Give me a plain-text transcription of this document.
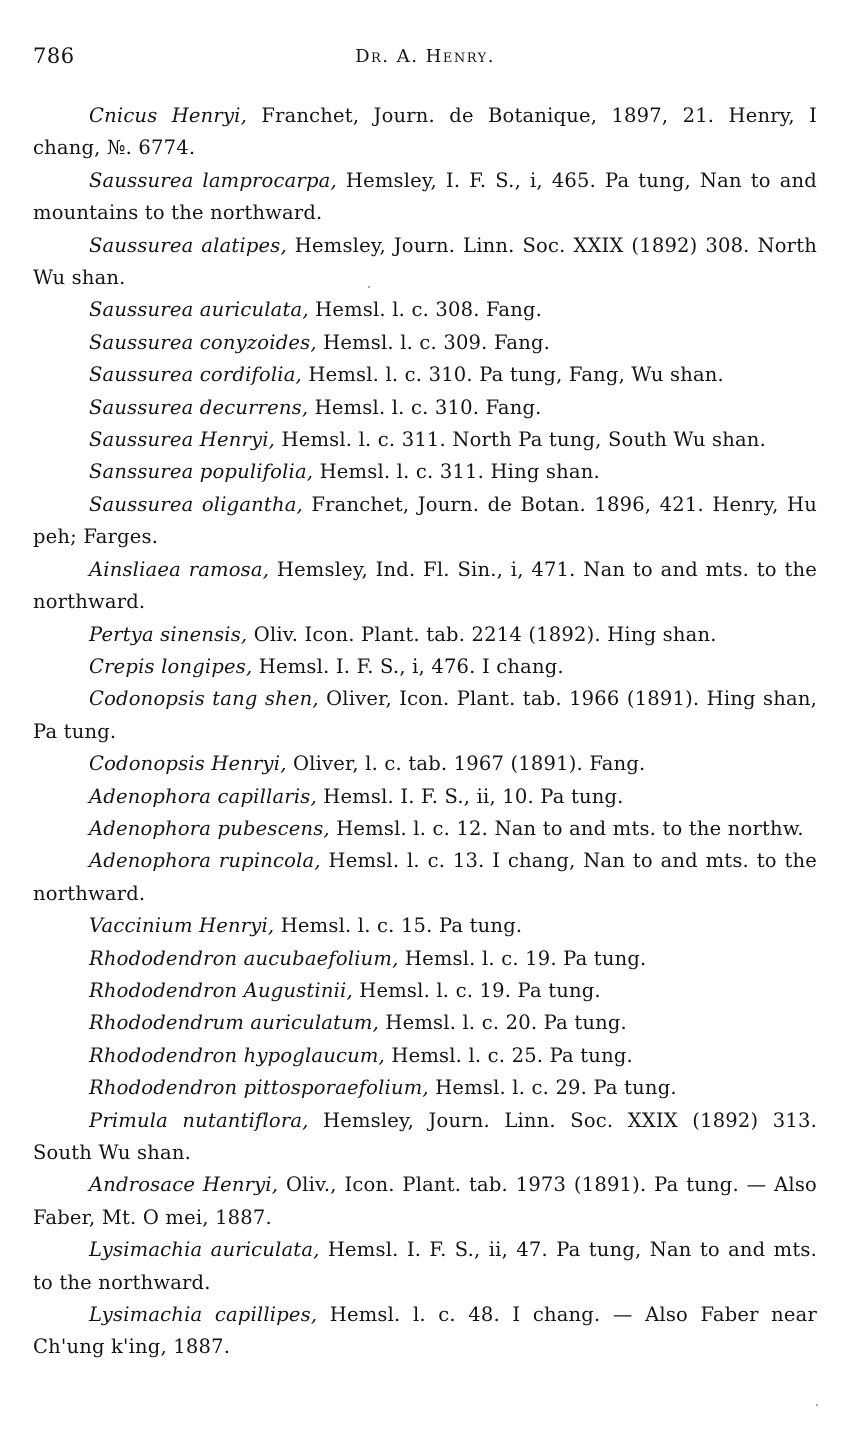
786	Dr. A. Henry.

Cnicus Henryi, Franchet, Journ. de Botanique, 1897, 21. Henry, I chang, №. 6774.

Saussurea lamprocarpa, Hemsley, I. F. S., i, 465. Pa tung, Nan to and mountains to the northward.

Saussurea alatipes, Hemsley, Journ. Linn. Soc. XXIX (1892) 308. North Wu shan.

Saussurea auriculata, Hemsl. l. c. 308. Fang.

Saussurea conyzoides, Hemsl. l. c. 309. Fang.

Saussurea cordifolia, Hemsl. l. c. 310. Pa tung, Fang, Wu shan.

Saussurea decurrens, Hemsl. l. c. 310. Fang.

Saussurea Henryi, Hemsl. l. c. 311. North Pa tung, South Wu shan.

Sanssurea populifolia, Hemsl. l. c. 311. Hing shan.

Saussurea oligantha, Franchet, Journ. de Botan. 1896, 421. Henry, Hu peh; Farges.

Ainsliaea ramosa, Hemsley, Ind. Fl. Sin., i, 471. Nan to and mts. to the northward.

Pertya sinensis, Oliv. Icon. Plant. tab. 2214 (1892). Hing shan.

Crepis longipes, Hemsl. I. F. S., i, 476. I chang.

Codonopsis tang shen, Oliver, Icon. Plant. tab. 1966 (1891). Hing shan, Pa tung.

Codonopsis Henryi, Oliver, l. c. tab. 1967 (1891). Fang.

Adenophora capillaris, Hemsl. I. F. S., ii, 10. Pa tung.

Adenophora pubescens, Hemsl. l. c. 12. Nan to and mts. to the northw.

Adenophora rupincola, Hemsl. l. c. 13. I chang, Nan to and mts. to the northward.

Vaccinium Henryi, Hemsl. l. c. 15. Pa tung.

Rhododendron aucubaefolium, Hemsl. l. c. 19. Pa tung.

Rhododendron Augustinii, Hemsl. l. c. 19. Pa tung.

Rhododendrum auriculatum, Hemsl. l. c. 20. Pa tung.

Rhododendron hypoglaucum, Hemsl. l. c. 25. Pa tung.

Rhododendron pittosporaefolium, Hemsl. l. c. 29. Pa tung.

Primula nutantiflora, Hemsley, Journ. Linn. Soc. XXIX (1892) 313. South Wu shan.

Androsace Henryi, Oliv., Icon. Plant. tab. 1973 (1891). Pa tung. — Also Faber, Mt. O mei, 1887.

Lysimachia auriculata, Hemsl. I. F. S., ii, 47. Pa tung, Nan to and mts. to the northward.

Lysimachia capillipes, Hemsl. l. c. 48. I chang. — Also Faber near Ch'ung k'ing, 1887.
